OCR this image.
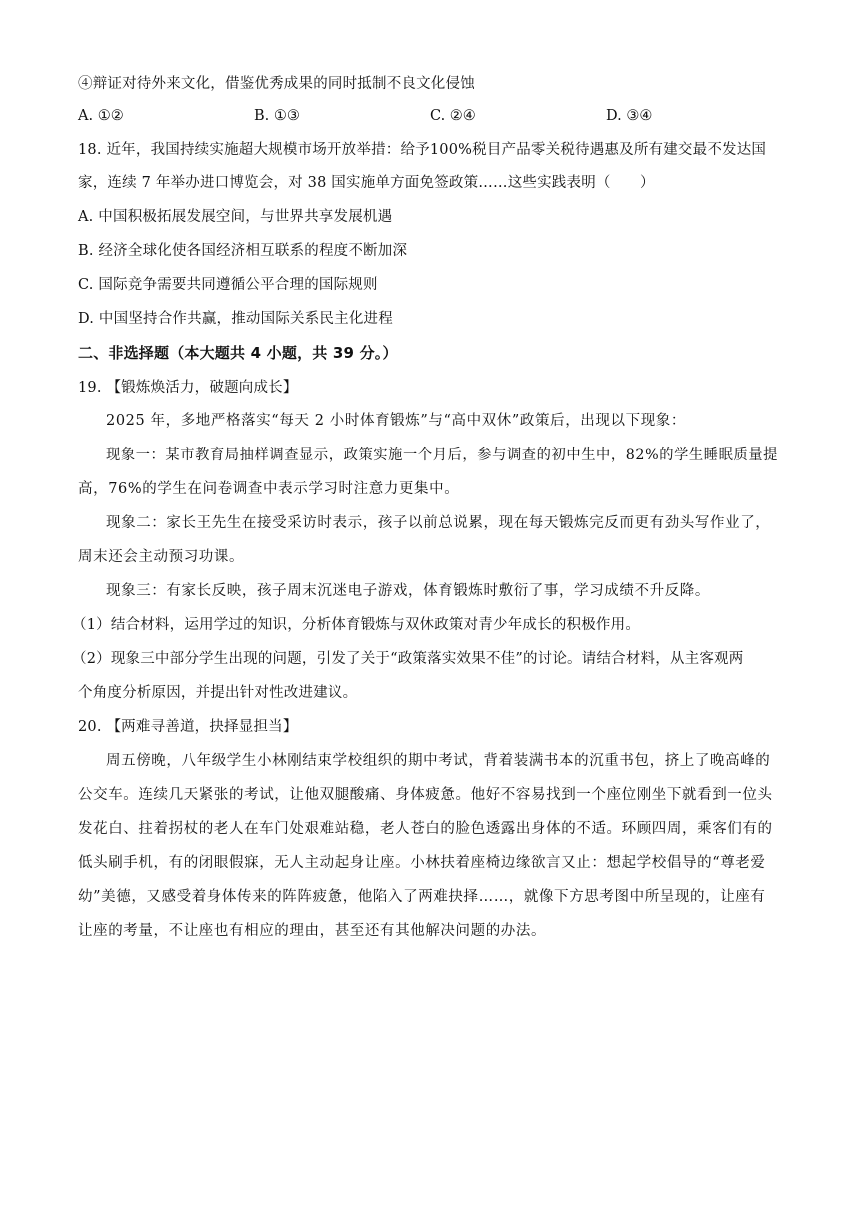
④辩证对待外来文化，借鉴优秀成果的同时抵制不良文化侵蚀
A. ①②	B. ①③	C. ②④	D. ③④
18. 近年，我国持续实施超大规模市场开放举措：给予100%税目产品零关税待遇惠及所有建交最不发达国
家，连续 7 年举办进口博览会，对 38 国实施单方面免签政策……这些实践表明（　　）
A. 中国积极拓展发展空间，与世界共享发展机遇
B. 经济全球化使各国经济相互联系的程度不断加深
C. 国际竞争需要共同遵循公平合理的国际规则
D. 中国坚持合作共赢，推动国际关系民主化进程
二、非选择题（本大题共 4 小题，共 39 分。）
19. 【锻炼焕活力，破题向成长】
2025 年，多地严格落实“每天 2 小时体育锻炼”与“高中双休”政策后，出现以下现象：
现象一：某市教育局抽样调查显示，政策实施一个月后，参与调查的初中生中，82%的学生睡眠质量提
高，76%的学生在问卷调查中表示学习时注意力更集中。
现象二：家长王先生在接受采访时表示，孩子以前总说累，现在每天锻炼完反而更有劲头写作业了，
周末还会主动预习功课。
现象三：有家长反映，孩子周末沉迷电子游戏，体育锻炼时敷衍了事，学习成绩不升反降。
（1）结合材料，运用学过的知识，分析体育锻炼与双休政策对青少年成长的积极作用。
（2）现象三中部分学生出现的问题，引发了关于“政策落实效果不佳”的讨论。请结合材料，从主客观两
个角度分析原因，并提出针对性改进建议。
20. 【两难寻善道，抉择显担当】
周五傍晚，八年级学生小林刚结束学校组织的期中考试，背着装满书本的沉重书包，挤上了晚高峰的
公交车。连续几天紧张的考试，让他双腿酸痛、身体疲惫。他好不容易找到一个座位刚坐下就看到一位头
发花白、拄着拐杖的老人在车门处艰难站稳，老人苍白的脸色透露出身体的不适。环顾四周，乘客们有的
低头刷手机，有的闭眼假寐，无人主动起身让座。小林扶着座椅边缘欲言又止：想起学校倡导的“尊老爱
幼”美德，又感受着身体传来的阵阵疲惫，他陷入了两难抉择……，就像下方思考图中所呈现的，让座有
让座的考量，不让座也有相应的理由，甚至还有其他解决问题的办法。
